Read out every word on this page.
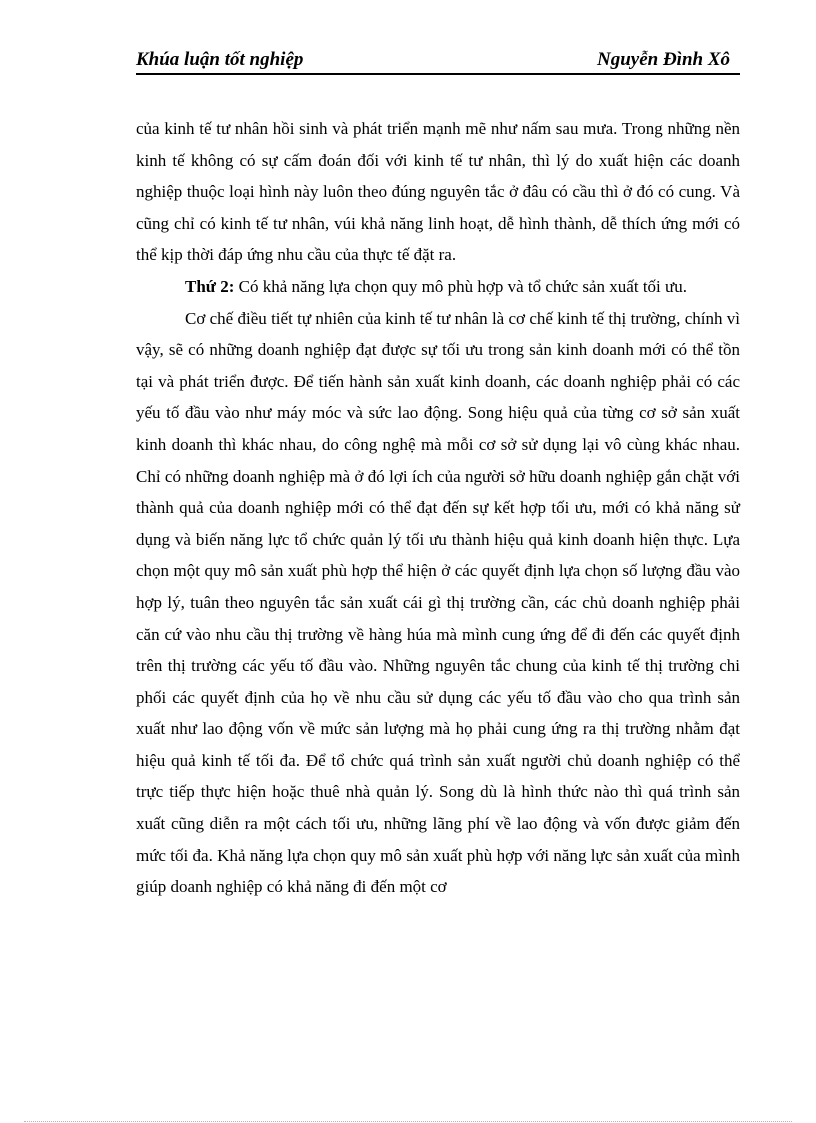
Khúa luận tốt nghiệp	Nguyễn Đình Xô

của kinh tế tư nhân hồi sinh và phát triển mạnh mẽ như nấm sau mưa. Trong những nền kinh tế không có sự cấm đoán đối với kinh tế tư nhân, thì lý do xuất hiện các doanh nghiệp thuộc loại hình này luôn theo đúng nguyên tắc ở đâu có cầu thì ở đó có cung. Và cũng chỉ có kinh tế tư nhân, vúi khả năng linh hoạt, dễ hình thành, dễ thích ứng mới có thể kịp thời đáp ứng nhu cầu của thực tế đặt ra.

Thứ 2: Có khả năng lựa chọn quy mô phù hợp và tổ chức sản xuất tối ưu.

Cơ chế điều tiết tự nhiên của kinh tế tư nhân là cơ chế kinh tế thị trường, chính vì vậy, sẽ có những doanh nghiệp đạt được sự tối ưu trong sản kinh doanh mới có thể tồn tại và phát triển được. Để tiến hành sản xuất kinh doanh, các doanh nghiệp phải có các yếu tố đầu vào như máy móc và sức lao động. Song hiệu quả của từng cơ sở sản xuất kinh doanh thì khác nhau, do công nghệ mà mỗi cơ sở sử dụng lại vô cùng khác nhau. Chỉ có những doanh nghiệp mà ở đó lợi ích của người sở hữu doanh nghiệp gắn chặt với thành quả của doanh nghiệp mới có thể đạt đến sự kết hợp tối ưu, mới có khả năng sử dụng và biến năng lực tổ chức quản lý tối ưu thành hiệu quả kinh doanh hiện thực. Lựa chọn một quy mô sản xuất phù hợp thể hiện ở các quyết định lựa chọn số lượng đầu vào hợp lý, tuân theo nguyên tắc sản xuất cái gì thị trường cần, các chủ doanh nghiệp phải căn cứ vào nhu cầu thị trường về hàng húa mà mình cung ứng để đi đến các quyết định trên thị trường các yếu tố đầu vào. Những nguyên tắc chung của kinh tế thị trường chi phối các quyết định của họ về nhu cầu sử dụng các yếu tố đầu vào cho qua trình sản xuất như lao động vốn về mức sản lượng mà họ phải cung ứng ra thị trường nhằm đạt hiệu quả kinh tế tối đa. Để tổ chức quá trình sản xuất người chủ doanh nghiệp có thể trực tiếp thực hiện hoặc thuê nhà quản lý. Song dù là hình thức nào thì quá trình sản xuất cũng diễn ra một cách tối ưu, những lãng phí về lao động và vốn được giảm đến mức tối đa. Khả năng lựa chọn quy mô sản xuất phù hợp với năng lực sản xuất của mình giúp doanh nghiệp có khả năng đi đến một cơ
